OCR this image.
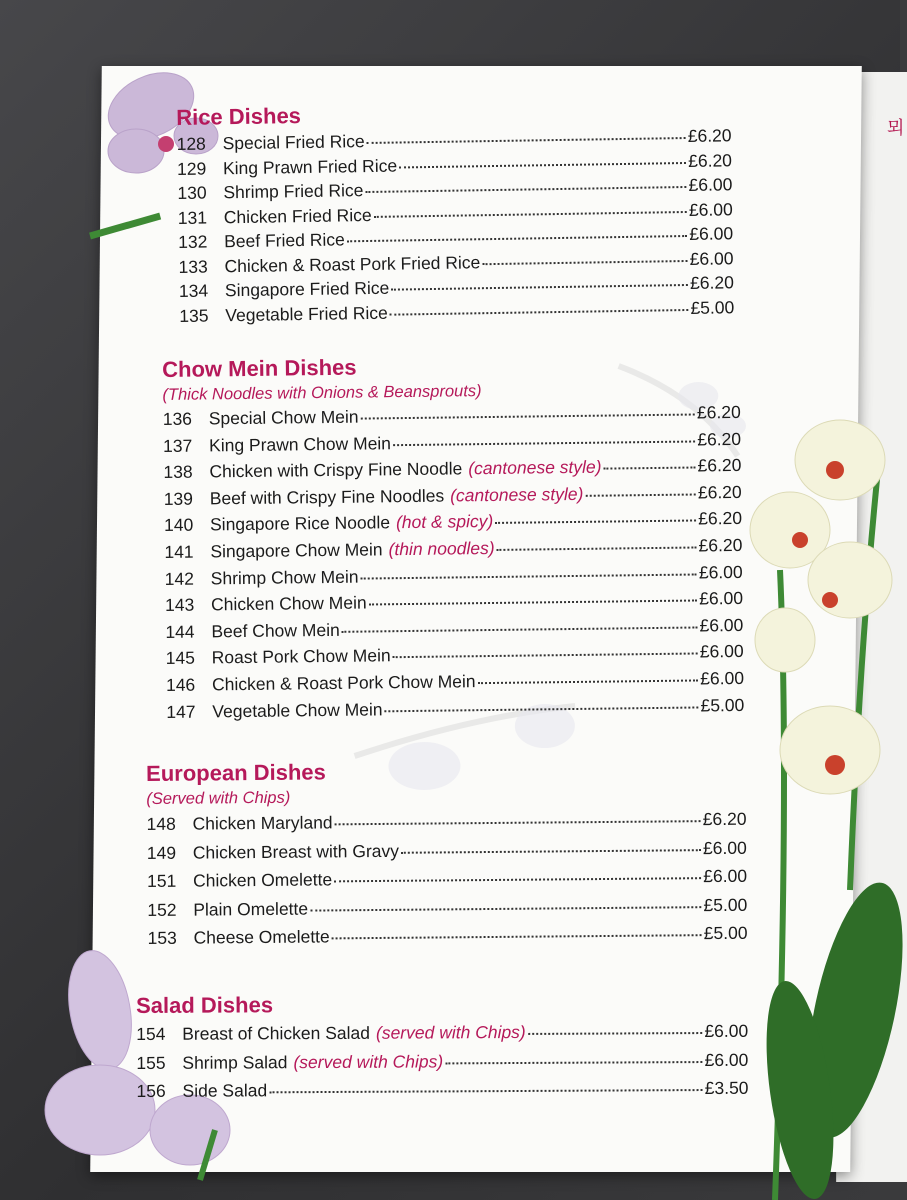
뫼
Rice Dishes
128 Special Fried Rice	£6.20
129 King Prawn Fried Rice	£6.20
130 Shrimp Fried Rice	£6.00
131 Chicken Fried Rice	£6.00
132 Beef Fried Rice	£6.00
133 Chicken & Roast Pork Fried Rice	£6.00
134 Singapore Fried Rice	£6.20
135 Vegetable Fried Rice	£5.00
Chow Mein Dishes

(Thick Noodles with Onions & Beansprouts)

136 Special Chow Mein	£6.20
137 King Prawn Chow Mein	£6.20
138 Chicken with Crispy Fine Noodle (cantonese style)	£6.20
139 Beef with Crispy Fine Noodles (cantonese style)	£6.20
140 Singapore Rice Noodle (hot & spicy)	£6.20
141 Singapore Chow Mein (thin noodles)	£6.20
142 Shrimp Chow Mein	£6.00
143 Chicken Chow Mein	£6.00
144 Beef Chow Mein	£6.00
145 Roast Pork Chow Mein	£6.00
146 Chicken & Roast Pork Chow Mein	£6.00
147 Vegetable Chow Mein	£5.00
European Dishes

(Served with Chips)

148 Chicken Maryland	£6.20
149 Chicken Breast with Gravy	£6.00
151 Chicken Omelette	£6.00
152 Plain Omelette	£5.00
153 Cheese Omelette	£5.00
Salad Dishes
154 Breast of Chicken Salad (served with Chips)	£6.00
155 Shrimp Salad (served with Chips)	£6.00
156 Side Salad	£3.50
